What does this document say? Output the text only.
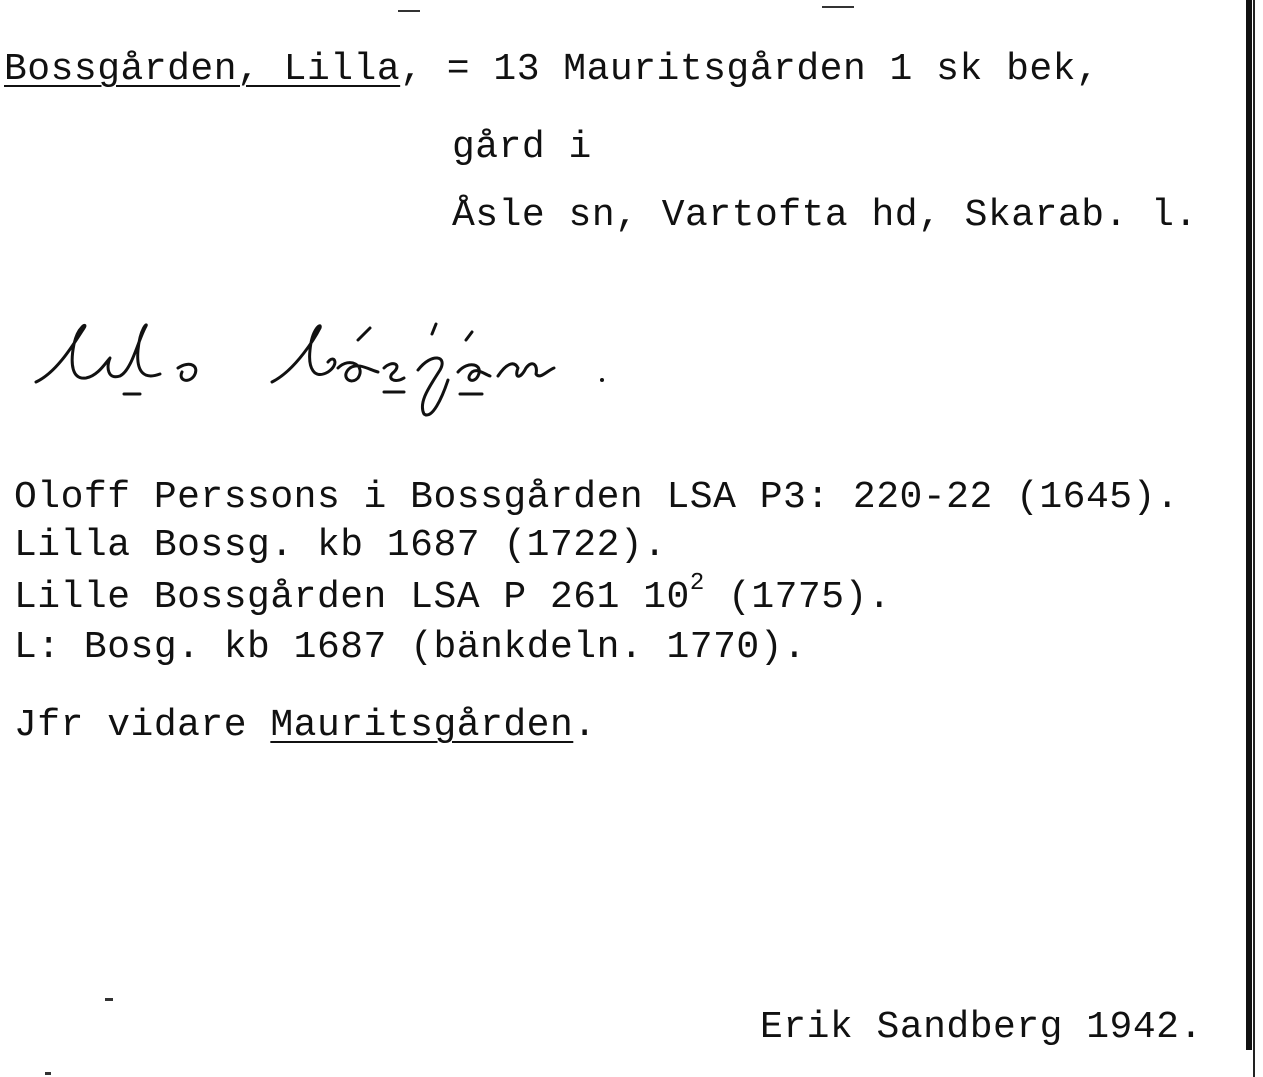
Bossgården, Lilla, = 13 Mauritsgården 1 sk bek,
gård i
Åsle sn, Vartofta hd, Skarab. l.
Oloff Perssons i Bossgården LSA P3: 220-22 (1645).
Lilla Bossg. kb 1687 (1722).
Lille Bossgården LSA P 261 $10^2$ (1775).
L: Bosg. kb 1687 (bänkdeln. 1770).
Jfr vidare Mauritsgården.
Erik Sandberg 1942.
